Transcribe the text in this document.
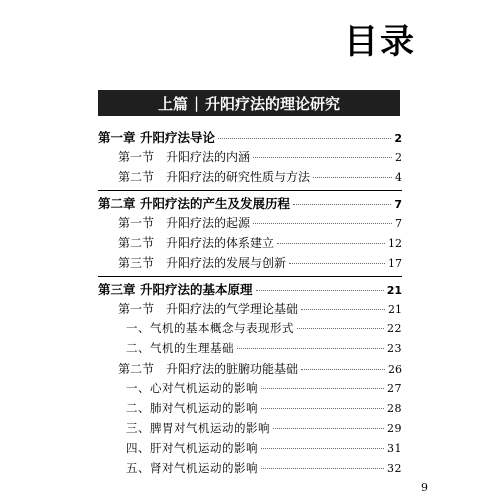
目录
上篇 | 升阳疗法的理论研究
第一章 升阳疗法导论	2
第一节 升阳疗法的内涵	2
第二节 升阳疗法的研究性质与方法	4
第二章 升阳疗法的产生及发展历程	7
第一节 升阳疗法的起源	7
第二节 升阳疗法的体系建立	12
第三节 升阳疗法的发展与创新	17
第三章 升阳疗法的基本原理	21
第一节 升阳疗法的气学理论基础	21
一、 气机的基本概念与表现形式	22
二、 气机的生理基础	23
第二节 升阳疗法的脏腑功能基础	26
一、 心对气机运动的影响	27
二、 肺对气机运动的影响	28
三、 脾胃对气机运动的影响	29
四、 肝对气机运动的影响	31
五、 肾对气机运动的影响	32
9
